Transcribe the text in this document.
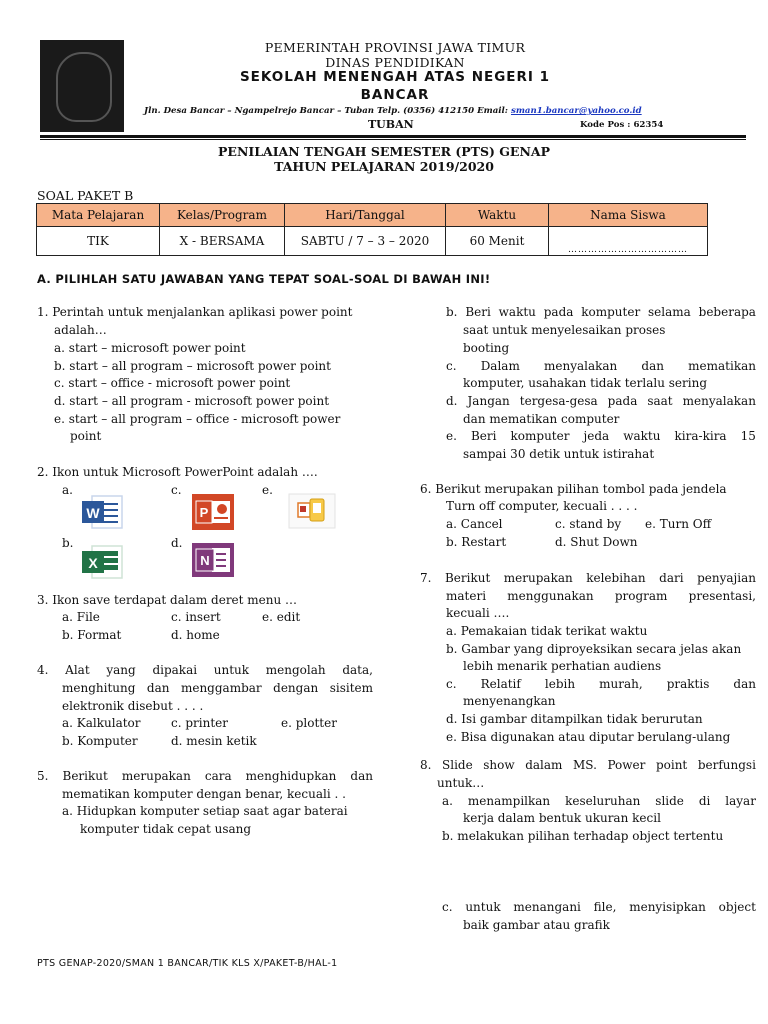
PEMERINTAH PROVINSI JAWA TIMUR
DINAS PENDIDIKAN
SEKOLAH MENENGAH ATAS NEGERI 1
BANCAR
Jln. Desa Bancar – Ngampelrejo Bancar – Tuban Telp. (0356) 412150 Email: sman1.bancar@yahoo.co.id
TUBAN	Kode Pos : 62354
PENILAIAN TENGAH SEMESTER (PTS) GENAP
TAHUN PELAJARAN 2019/2020
SOAL PAKET B
Mata Pelajaran	Kelas/Program	Hari/Tanggal	Waktu	Nama Siswa
TIK	X - BERSAMA	SABTU / 7 – 3 – 2020	60 Menit	………………………………
A. PILIHLAH SATU JAWABAN YANG TEPAT SOAL-SOAL DI BAWAH INI!
1. Perintah untuk menjalankan aplikasi power point
adalah…
a. start – microsoft power point
b. start – all program – microsoft power point
c. start – office - microsoft power point
d. start – all program - microsoft power point
e. start – all program – office - microsoft power
point
2. Ikon untuk Microsoft PowerPoint adalah ….
a.	c.	e.
b.	d.
W	P
X	N
3. Ikon save terdapat dalam deret menu …
a. File	c. insert	e. edit
b. Format	d. home
4. Alat yang dipakai untuk mengolah data,
menghitung dan menggambar dengan sisitem
elektronik disebut . . . .
a. Kalkulator	c. printer	e. plotter
b. Komputer	d. mesin ketik
5. Berikut merupakan cara menghidupkan dan
mematikan komputer dengan benar, kecuali . .
a. Hidupkan komputer setiap saat agar baterai
komputer tidak cepat usang
b. Beri waktu pada komputer selama beberapa
saat untuk menyelesaikan proses
booting
c. Dalam menyalakan dan mematikan
komputer, usahakan tidak terlalu sering
d. Jangan tergesa-gesa pada saat menyalakan
dan mematikan computer
e. Beri komputer jeda waktu kira-kira 15
sampai 30 detik untuk istirahat
6. Berikut merupakan pilihan tombol pada jendela
Turn off computer, kecuali . . . .
a. Cancel	c. stand by e. Turn Off
b. Restart	d. Shut Down
7. Berikut merupakan kelebihan dari penyajian
materi menggunakan program presentasi,
kecuali ….
a. Pemakaian tidak terikat waktu
b. Gambar yang diproyeksikan secara jelas akan
lebih menarik perhatian audiens
c. Relatif lebih murah, praktis dan
menyenangkan
d. Isi gambar ditampilkan tidak berurutan
e. Bisa digunakan atau diputar berulang-ulang
8. Slide show dalam MS. Power point berfungsi
untuk…
a. menampilkan keseluruhan slide di layar
kerja dalam bentuk ukuran kecil
b. melakukan pilihan terhadap object tertentu
c. untuk menangani file, menyisipkan object
baik gambar atau grafik
PTS GENAP-2020/SMAN 1 BANCAR/TIK KLS X/PAKET-B/HAL-1
